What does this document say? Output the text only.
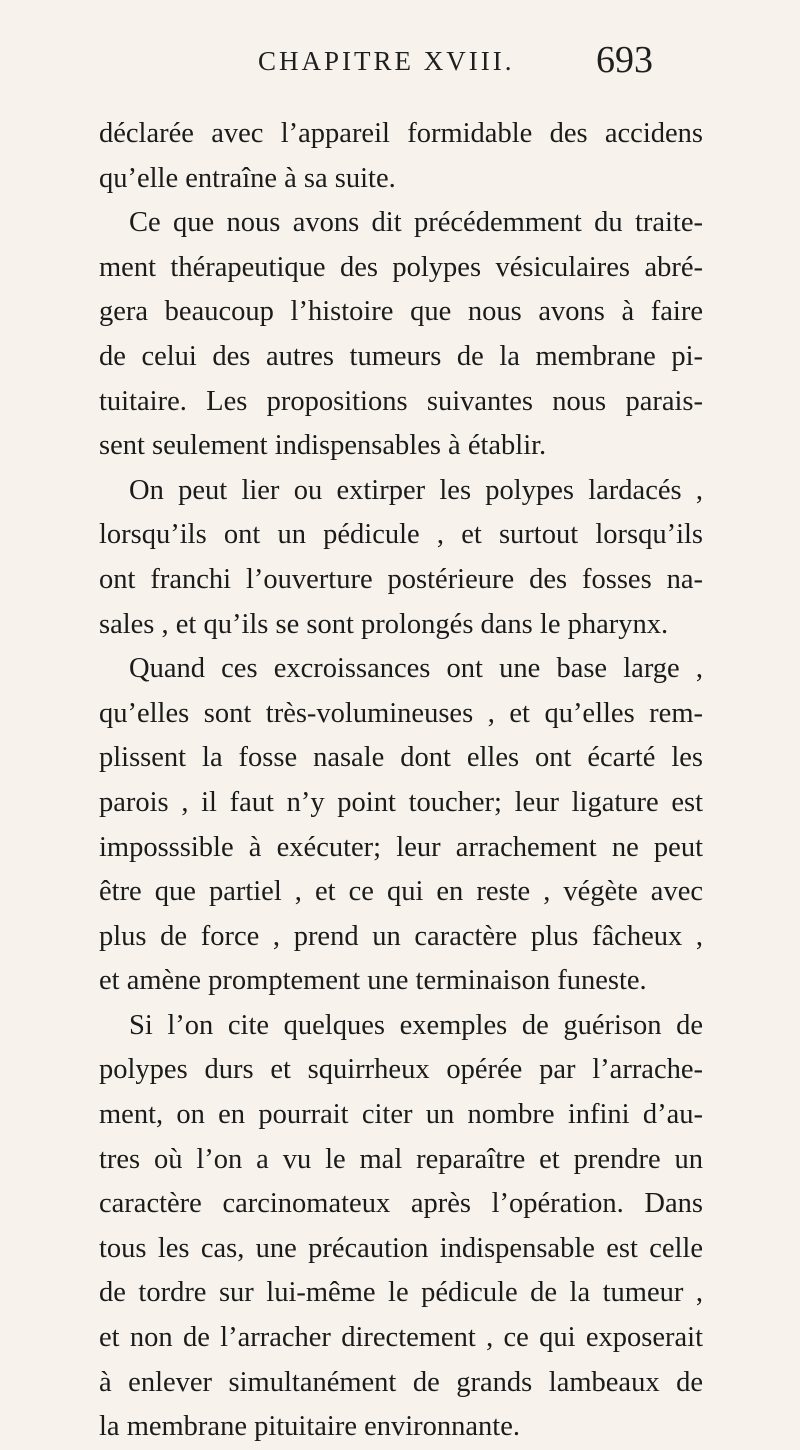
CHAPITRE XVIII. 693
déclarée avec l’appareil formidable des accidens
qu’elle entraîne à sa suite.
Ce que nous avons dit précédemment du traite-
ment thérapeutique des polypes vésiculaires abré-
gera beaucoup l’histoire que nous avons à faire
de celui des autres tumeurs de la membrane pi-
tuitaire. Les propositions suivantes nous parais-
sent seulement indispensables à établir.
On peut lier ou extirper les polypes lardacés ,
lorsqu’ils ont un pédicule , et surtout lorsqu’ils
ont franchi l’ouverture postérieure des fosses na-
sales , et qu’ils se sont prolongés dans le pharynx.
Quand ces excroissances ont une base large ,
qu’elles sont très-volumineuses , et qu’elles rem-
plissent la fosse nasale dont elles ont écarté les
parois , il faut n’y point toucher; leur ligature est
imposssible à exécuter; leur arrachement ne peut
être que partiel , et ce qui en reste , végète avec
plus de force , prend un caractère plus fâcheux ,
et amène promptement une terminaison funeste.
Si l’on cite quelques exemples de guérison de
polypes durs et squirrheux opérée par l’arrache-
ment, on en pourrait citer un nombre infini d’au-
tres où l’on a vu le mal reparaître et prendre un
caractère carcinomateux après l’opération. Dans
tous les cas, une précaution indispensable est celle
de tordre sur lui-même le pédicule de la tumeur ,
et non de l’arracher directement , ce qui exposerait
à enlever simultanément de grands lambeaux de
la membrane pituitaire environnante.
